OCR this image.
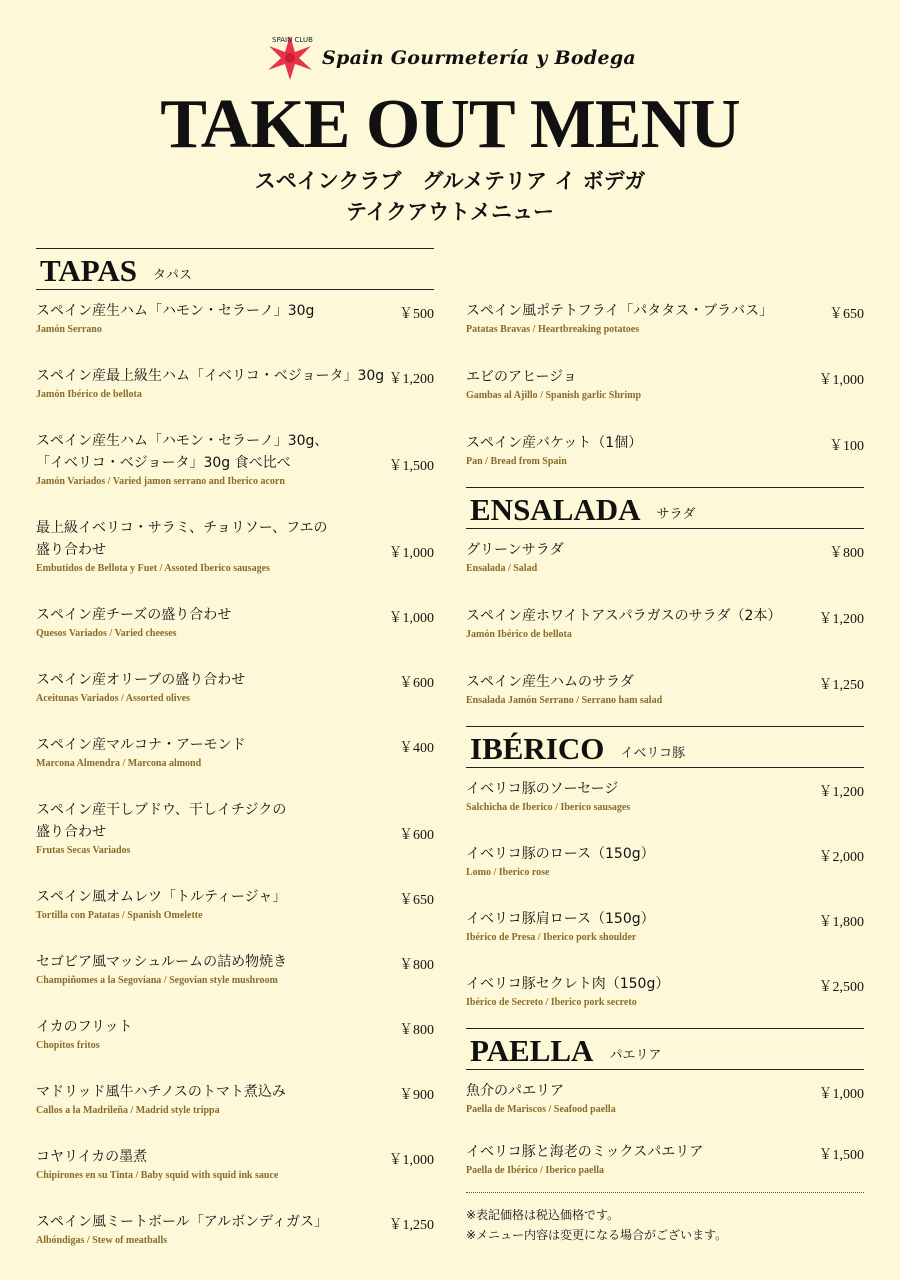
SPAIN CLUB
Spain Gourmetería y Bodega
TAKE OUT MENU
スペインクラブ　グルメテリア イ ボデガ
テイクアウトメニュー
TAPAS タパス
スペイン産生ハム「ハモン・セラーノ」30g
Jamón Serrano
￥500
スペイン産最上級生ハム「イベリコ・ベジョータ」30g
Jamón Ibérico de bellota
￥1,200
スペイン産生ハム「ハモン・セラーノ」30g、
「イベリコ・ベジョータ」30g 食べ比べ
Jamón Variados / Varied jamon serrano and Iberico acorn
￥1,500
最上級イベリコ・サラミ、チョリソー、フエの
盛り合わせ
Embutidos de Bellota y Fuet / Assoted Iberico sausages
￥1,000
スペイン産チーズの盛り合わせ
Quesos Variados / Varied cheeses
￥1,000
スペイン産オリーブの盛り合わせ
Aceitunas Variados / Assorted olives
￥600
スペイン産マルコナ・アーモンド
Marcona Almendra / Marcona almond
￥400
スペイン産干しブドウ、干しイチジクの
盛り合わせ
Frutas Secas Variados
￥600
スペイン風オムレツ「トルティージャ」
Tortilla con Patatas / Spanish Omelette
￥650
セゴビア風マッシュルームの詰め物焼き
Champiñomes a la Segoviana / Segovian style mushroom
￥800
イカのフリット
Chopitos fritos
￥800
マドリッド風牛ハチノスのトマト煮込み
Callos a la Madrileña / Madrid style trippa
￥900
コヤリイカの墨煮
Chipirones en su Tinta / Baby squid with squid ink sauce
￥1,000
スペイン風ミートボール「アルボンディガス」
Albóndigas / Stew of meatballs
￥1,250
スペイン風ポテトフライ「パタタス・ブラバス」
Patatas Bravas / Heartbreaking potatoes
￥650
エビのアヒージョ
Gambas al Ajillo / Spanish garlic Shrimp
￥1,000
スペイン産バケット（1個）
Pan / Bread from Spain
￥100
ENSALADA サラダ
グリーンサラダ
Ensalada / Salad
￥800
スペイン産ホワイトアスパラガスのサラダ（2本）
Jamón Ibérico de bellota
￥1,200
スペイン産生ハムのサラダ
Ensalada Jamón Serrano / Serrano ham salad
￥1,250
IBÉRICO イベリコ豚
イベリコ豚のソーセージ
Salchicha de Iberico / Iberico sausages
￥1,200
イベリコ豚のロース（150g）
Lomo / Iberico rose
￥2,000
イベリコ豚肩ロース（150g）
Ibérico de Presa / Iberico pork shoulder
￥1,800
イベリコ豚セクレト肉（150g）
Ibérico de Secreto / Iberico pork secreto
￥2,500
PAELLA パエリア
魚介のパエリア
Paella de Mariscos / Seafood paella
￥1,000
イベリコ豚と海老のミックスパエリア
Paella de Ibérico / Iberico paella
￥1,500
※表記価格は税込価格です。
※メニュー内容は変更になる場合がございます。
